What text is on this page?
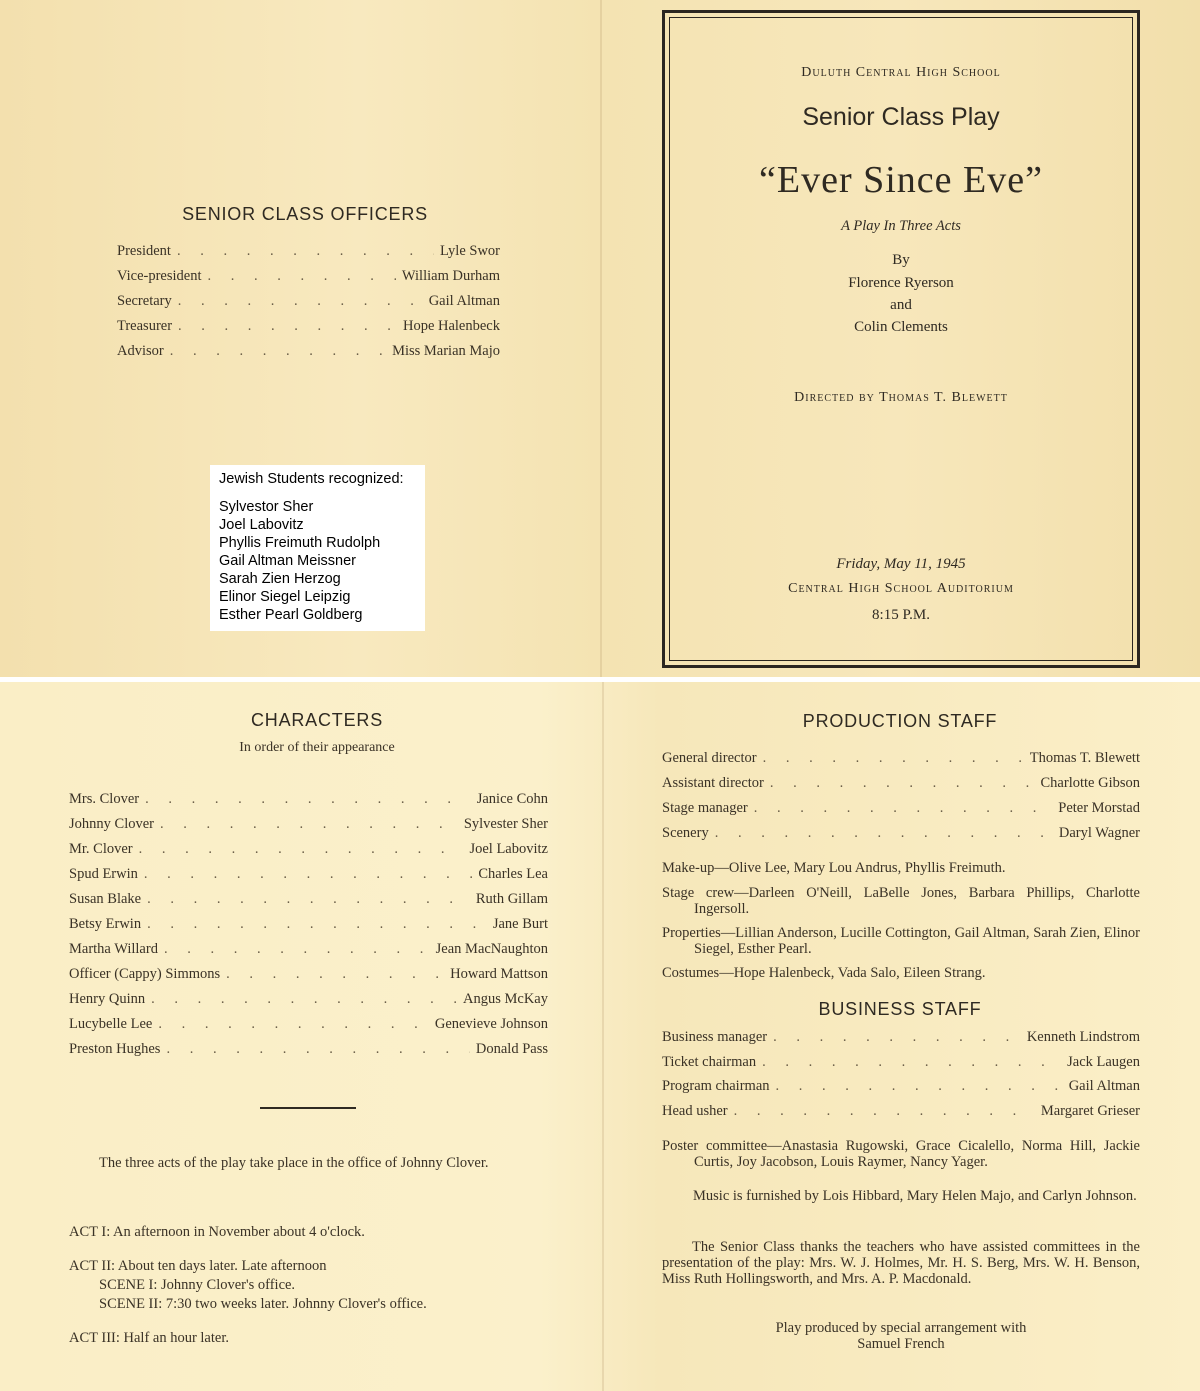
SENIOR CLASS OFFICERS
President . . .	Lyle Swor
Vice-president . . .	William Durham
Secretary . . .	Gail Altman
Treasurer . . .	Hope Halenbeck
Advisor . . .	Miss Marian Majo
Jewish Students recognized:
Sylvestor Sher
Joel Labovitz
Phyllis Freimuth Rudolph
Gail Altman Meissner
Sarah Zien Herzog
Elinor Siegel Leipzig
Esther Pearl Goldberg
Duluth Central High School
Senior Class Play
“Ever Since Eve”
A Play In Three Acts
By
Florence Ryerson
and
Colin Clements
Directed by Thomas T. Blewett
Friday, May 11, 1945
Central High School Auditorium
8:15 P.M.
CHARACTERS
In order of their appearance
Mrs. Clover . . .	Janice Cohn
Johnny Clover . . .	Sylvester Sher
Mr. Clover . . .	Joel Labovitz
Spud Erwin . . .	Charles Lea
Susan Blake . . .	Ruth Gillam
Betsy Erwin . . .	Jane Burt
Martha Willard . . .	Jean MacNaughton
Officer (Cappy) Simmons . . .	Howard Mattson
Henry Quinn . . .	Angus McKay
Lucybelle Lee . . .	Genevieve Johnson
Preston Hughes . . .	Donald Pass
The three acts of the play take place in the office of Johnny Clover.
ACT I: An afternoon in November about 4 o'clock.
ACT II: About ten days later. Late afternoon
SCENE I: Johnny Clover's office.
SCENE II: 7:30 two weeks later. Johnny Clover's office.
ACT III: Half an hour later.
PRODUCTION STAFF
General director . . .	Thomas T. Blewett
Assistant director . . .	Charlotte Gibson
Stage manager . . .	Peter Morstad
Scenery . . .	Daryl Wagner
Make-up—Olive Lee, Mary Lou Andrus, Phyllis Freimuth.
Stage crew—Darleen O'Neill, LaBelle Jones, Barbara Phillips, Charlotte Ingersoll.
Properties—Lillian Anderson, Lucille Cottington, Gail Altman, Sarah Zien, Elinor Siegel, Esther Pearl.
Costumes—Hope Halenbeck, Vada Salo, Eileen Strang.
BUSINESS STAFF
Business manager . . .	Kenneth Lindstrom
Ticket chairman . . .	Jack Laugen
Program chairman . . .	Gail Altman
Head usher . . .	Margaret Grieser
Poster committee—Anastasia Rugowski, Grace Cicalello, Norma Hill, Jackie Curtis, Joy Jacobson, Louis Raymer, Nancy Yager.
Music is furnished by Lois Hibbard, Mary Helen Majo, and Carlyn Johnson.
The Senior Class thanks the teachers who have assisted committees in the presentation of the play: Mrs. W. J. Holmes, Mr. H. S. Berg, Mrs. W. H. Benson, Miss Ruth Hollingsworth, and Mrs. A. P. Macdonald.
Play produced by special arrangement with
Samuel French
